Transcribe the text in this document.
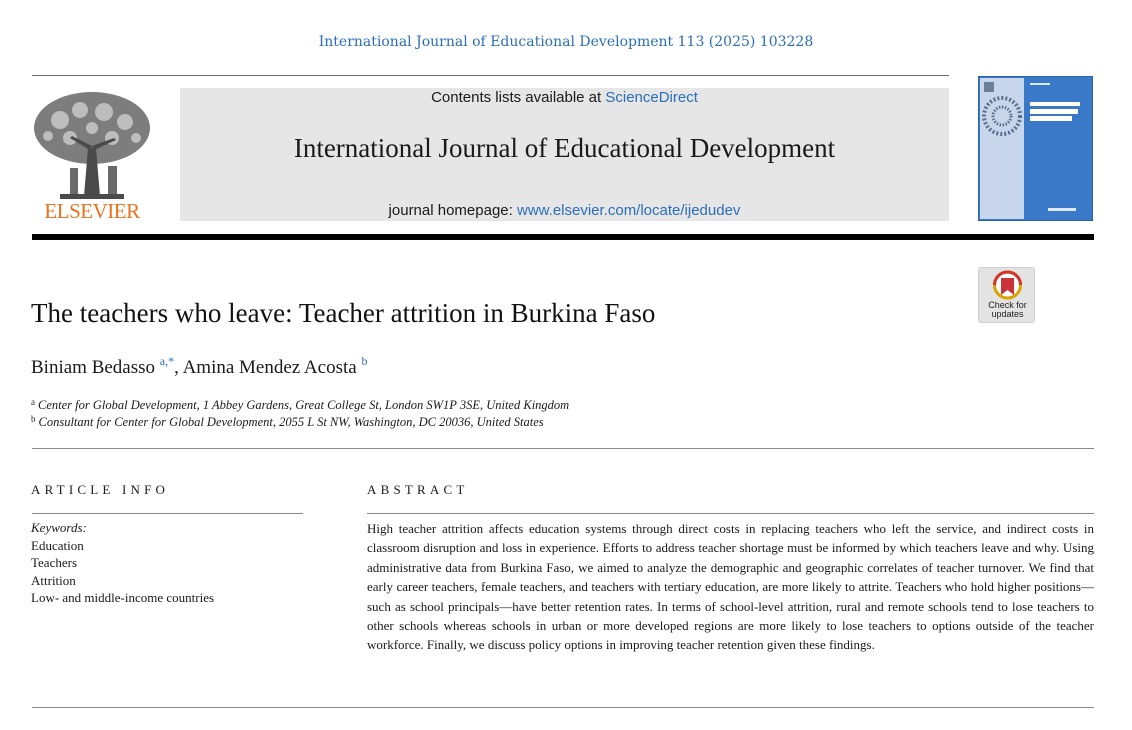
International Journal of Educational Development 113 (2025) 103228
ELSEVIER
Contents lists available at ScienceDirect
International Journal of Educational Development
journal homepage: www.elsevier.com/locate/ijedudev
Check for
updates
The teachers who leave: Teacher attrition in Burkina Faso
Biniam Bedasso $^{a,*}$, Amina Mendez Acosta $^b$
$^a$ Center for Global Development, 1 Abbey Gardens, Great College St, London SW1P 3SE, United Kingdom
$^b$ Consultant for Center for Global Development, 2055 L St NW, Washington, DC 20036, United States
ARTICLE INFO
Keywords:
Education
Teachers
Attrition
Low- and middle-income countries
ABSTRACT
High teacher attrition affects education systems through direct costs in replacing teachers who left the service, and indirect costs in classroom disruption and loss in experience. Efforts to address teacher shortage must be informed by which teachers leave and why. Using administrative data from Burkina Faso, we aimed to analyze the demographic and geographic correlates of teacher turnover. We find that early career teachers, female teachers, and teachers with tertiary education, are more likely to attrite. Teachers who hold higher positions—such as school principals—have better retention rates. In terms of school-level attrition, rural and remote schools tend to lose teachers to other schools whereas schools in urban or more developed regions are more likely to lose teachers to options outside of the teacher workforce. Finally, we discuss policy options in improving teacher retention given these findings.
